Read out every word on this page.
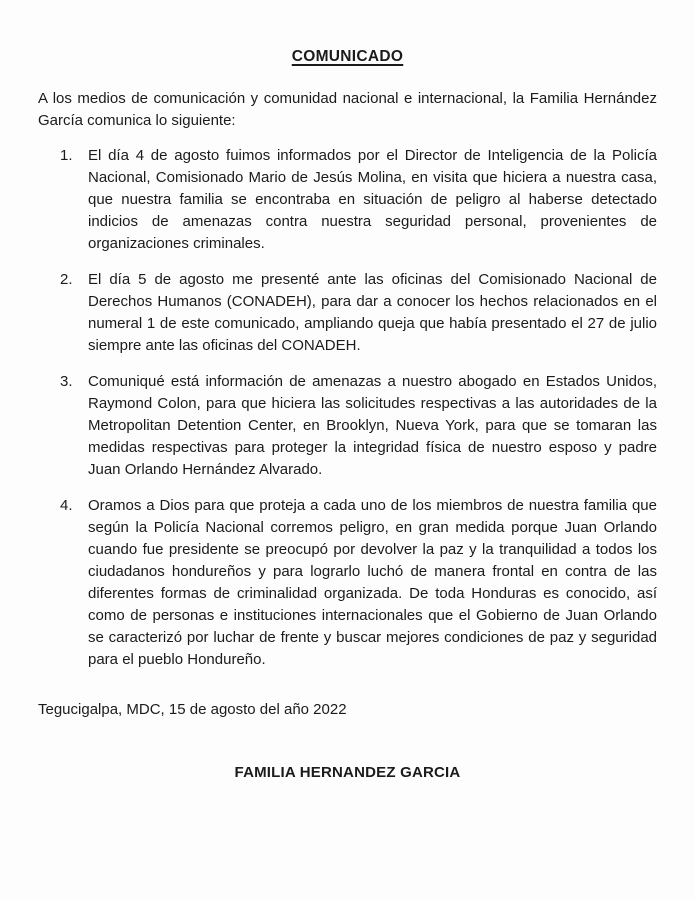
COMUNICADO

A los medios de comunicación y comunidad nacional e internacional, la Familia Hernández García comunica lo siguiente:

1.	El día 4 de agosto fuimos informados por el Director de Inteligencia de la Policía Nacional, Comisionado Mario de Jesús Molina, en visita que hiciera a nuestra casa, que nuestra familia se encontraba en situación de peligro al haberse detectado indicios de amenazas contra nuestra seguridad personal, provenientes de organizaciones criminales.
2.	El día 5 de agosto me presenté ante las oficinas del Comisionado Nacional de Derechos Humanos (CONADEH), para dar a conocer los hechos relacionados en el numeral 1 de este comunicado, ampliando queja que había presentado el 27 de julio siempre ante las oficinas del CONADEH.
3.	Comuniqué está información de amenazas a nuestro abogado en Estados Unidos, Raymond Colon, para que hiciera las solicitudes respectivas a las autoridades de la Metropolitan Detention Center, en Brooklyn, Nueva York, para que se tomaran las medidas respectivas para proteger la integridad física de nuestro esposo y padre Juan Orlando Hernández Alvarado.
4.	Oramos a Dios para que proteja a cada uno de los miembros de nuestra familia que según la Policía Nacional corremos peligro, en gran medida porque Juan Orlando cuando fue presidente se preocupó por devolver la paz y la tranquilidad a todos los ciudadanos hondureños y para lograrlo luchó de manera frontal en contra de las diferentes formas de criminalidad organizada. De toda Honduras es conocido, así como de personas e instituciones internacionales que el Gobierno de Juan Orlando se caracterizó por luchar de frente y buscar mejores condiciones de paz y seguridad para el pueblo Hondureño.

Tegucigalpa, MDC, 15 de agosto del año 2022

FAMILIA HERNANDEZ GARCIA
